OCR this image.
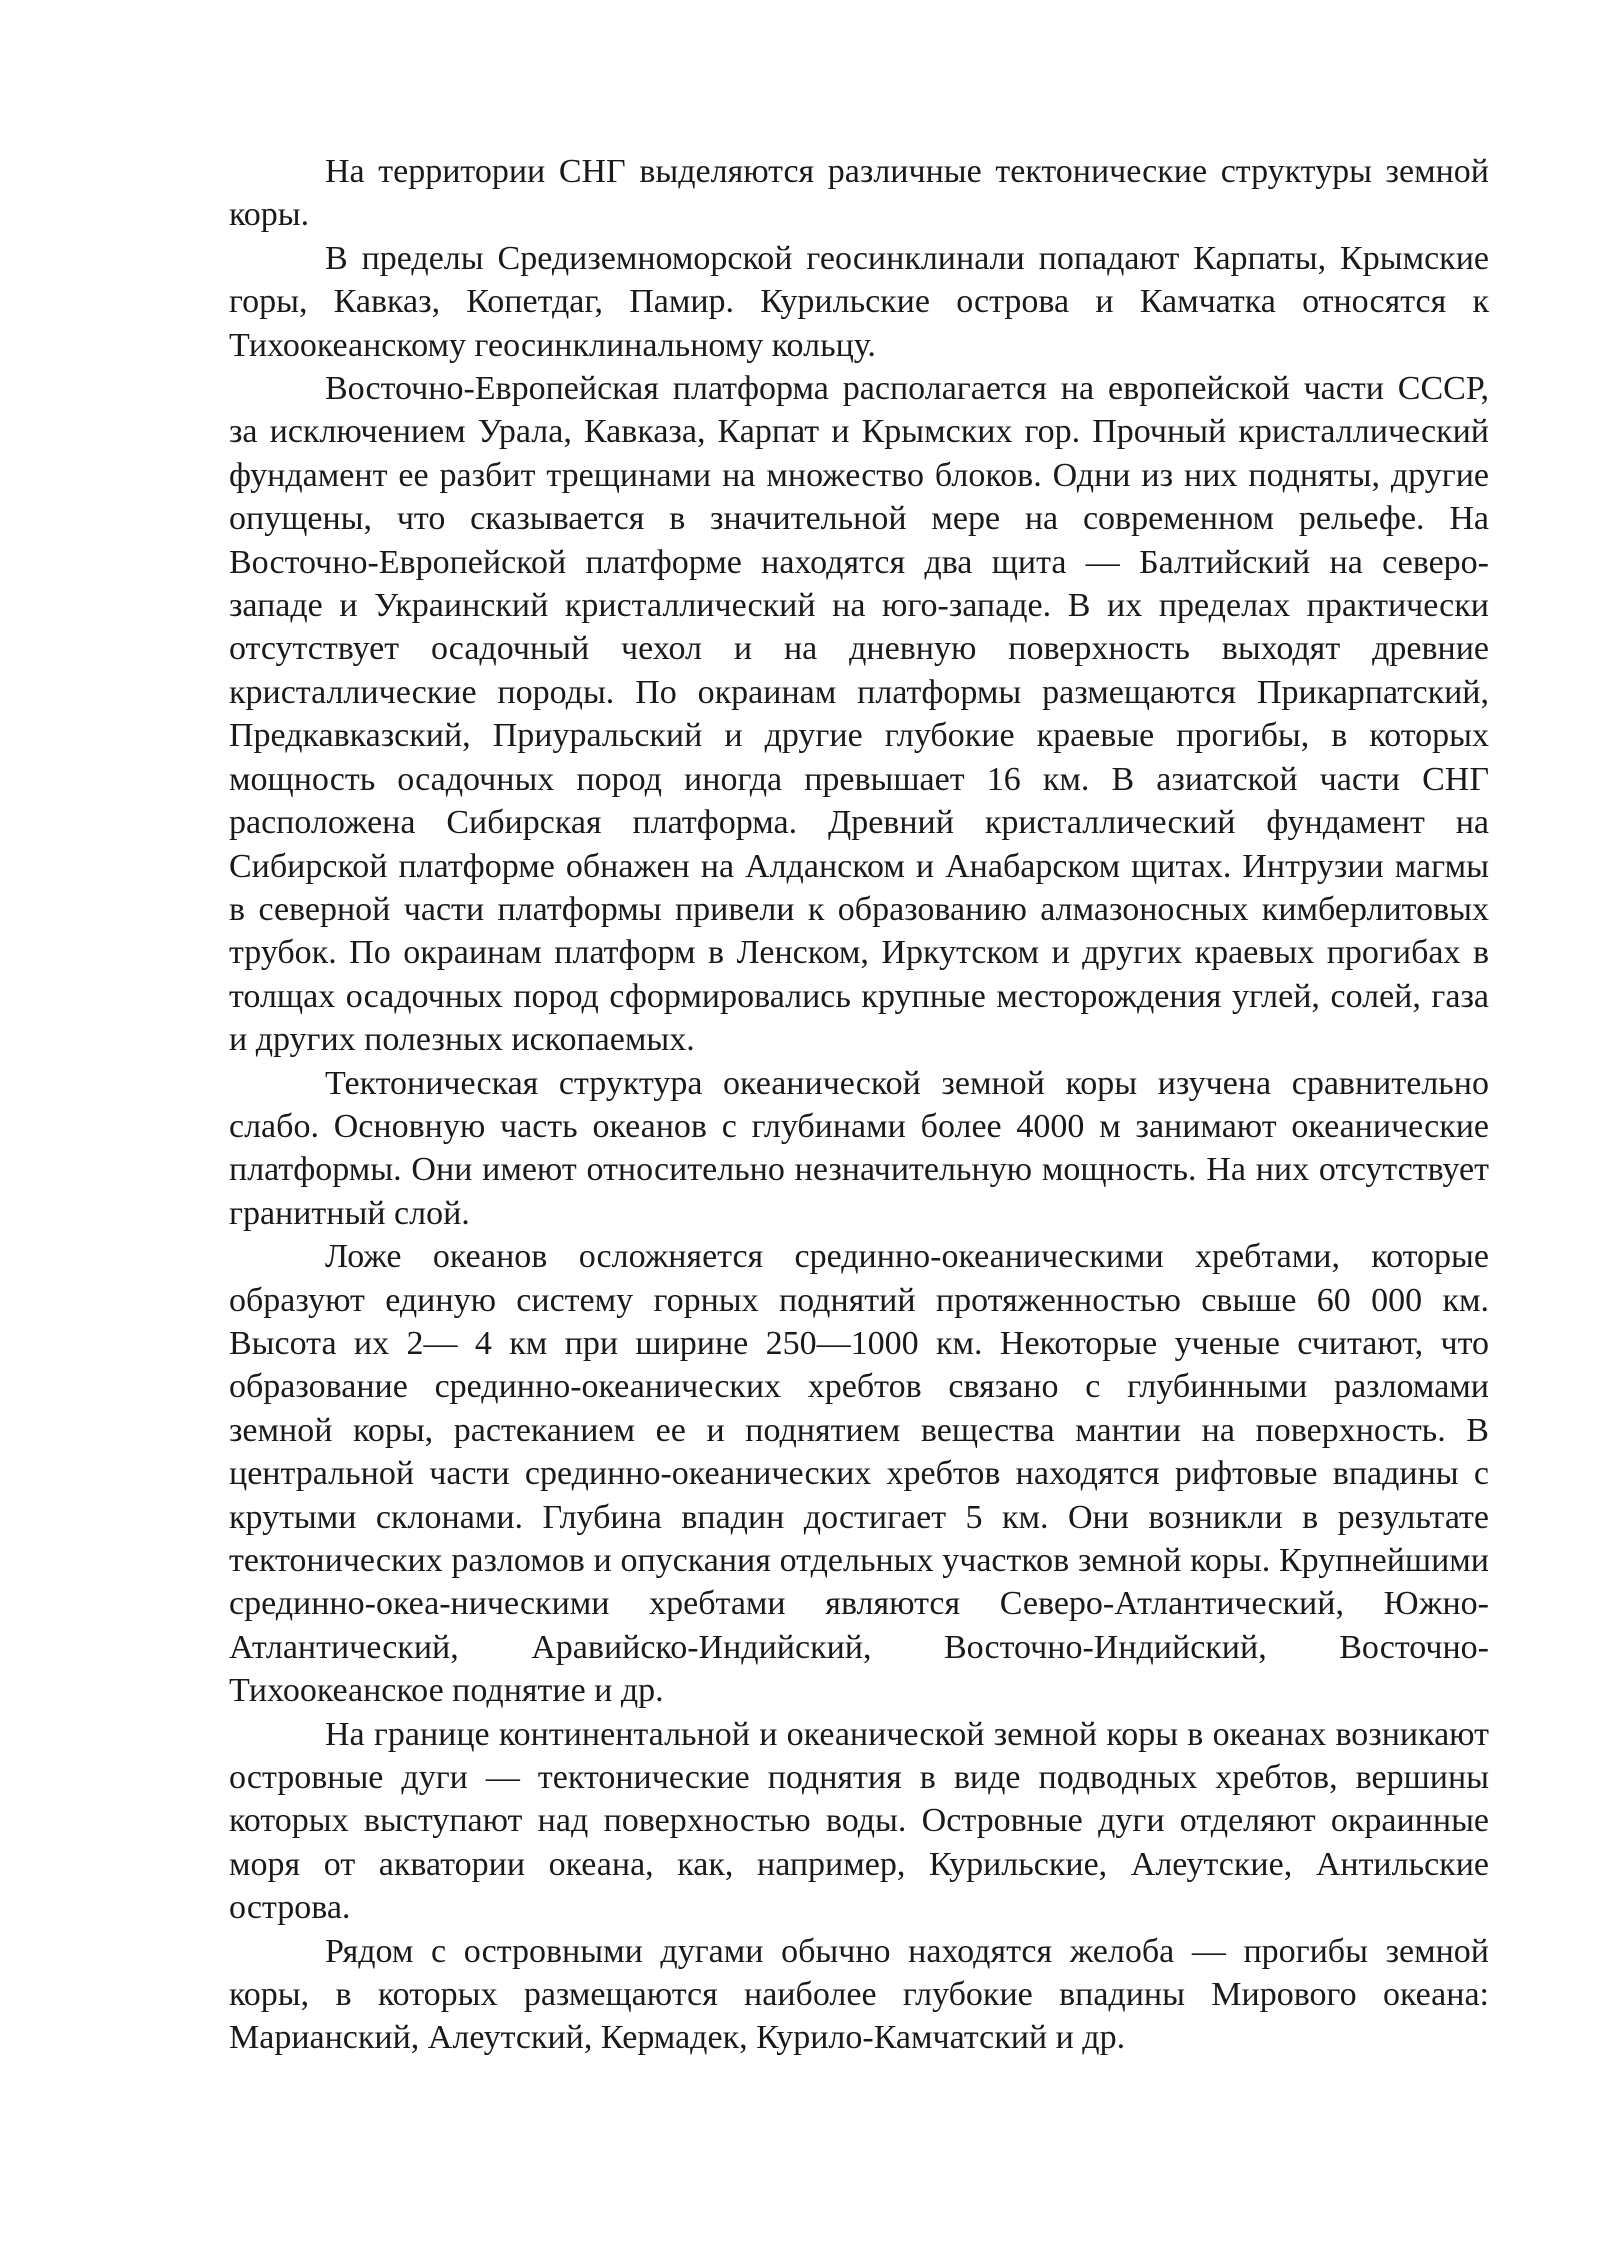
На территории СНГ выделяются различные тектонические структуры земной коры.

В пределы Средиземноморской геосинклинали попадают Карпаты, Крымские горы, Кавказ, Копетдаг, Памир. Курильские острова и Камчатка относятся к Тихоокеанскому геосинклинальному кольцу.

Восточно-Европейская платформа располагается на европейской части СССР, за исключением Урала, Кавказа, Карпат и Крымских гор. Прочный кристаллический фундамент ее разбит трещинами на множество блоков. Одни из них подняты, другие опущены, что сказывается в значительной мере на современном рельефе. На Восточно-Европейской платформе находятся два щита — Балтийский на северо-западе и Украинский кристаллический на юго-западе. В их пределах практически отсутствует осадочный чехол и на дневную поверхность выходят древние кристаллические породы. По окраинам платформы размещаются Прикарпатский, Предкавказский, Приуральский и другие глубокие краевые прогибы, в которых мощность осадочных пород иногда превышает 16 км. В азиатской части СНГ расположена Сибирская платформа. Древний кристаллический фундамент на Сибирской платформе обнажен на Алданском и Анабарском щитах. Интрузии магмы в северной части платформы привели к образованию алмазоносных кимберлитовых трубок. По окраинам платформ в Ленском, Иркутском и других краевых прогибах в толщах осадочных пород сформировались крупные месторождения углей, солей, газа и других полезных ископаемых.

Тектоническая структура океанической земной коры изучена сравнительно слабо. Основную часть океанов с глубинами более 4000 м занимают океанические платформы. Они имеют относительно незначительную мощность. На них отсутствует гранитный слой.

Ложе океанов осложняется срединно-океаническими хребтами, которые образуют единую систему горных поднятий протяженностью свыше 60 000 км. Высота их 2— 4 км при ширине 250—1000 км. Некоторые ученые считают, что образование срединно-океанических хребтов связано с глубинными разломами земной коры, растеканием ее и поднятием вещества мантии на поверхность. В центральной части срединно-океанических хребтов находятся рифтовые впадины с крутыми склонами. Глубина впадин достигает 5 км. Они возникли в результате тектонических разломов и опускания отдельных участков земной коры. Крупнейшими срединно-океа-ническими хребтами являются Северо-Атлантический, Южно-Атлантический, Аравийско-Индийский, Восточно-Индийский, Восточно-Тихоокеанское поднятие и др.

На границе континентальной и океанической земной коры в океанах возникают островные дуги — тектонические поднятия в виде подводных хребтов, вершины которых выступают над поверхностью воды. Островные дуги отделяют окраинные моря от акватории океана, как, например, Курильские, Алеутские, Антильские острова.

Рядом с островными дугами обычно находятся желоба — прогибы земной коры, в которых размещаются наиболее глубокие впадины Мирового океана: Марианский, Алеутский, Кермадек, Курило-Камчатский и др.
